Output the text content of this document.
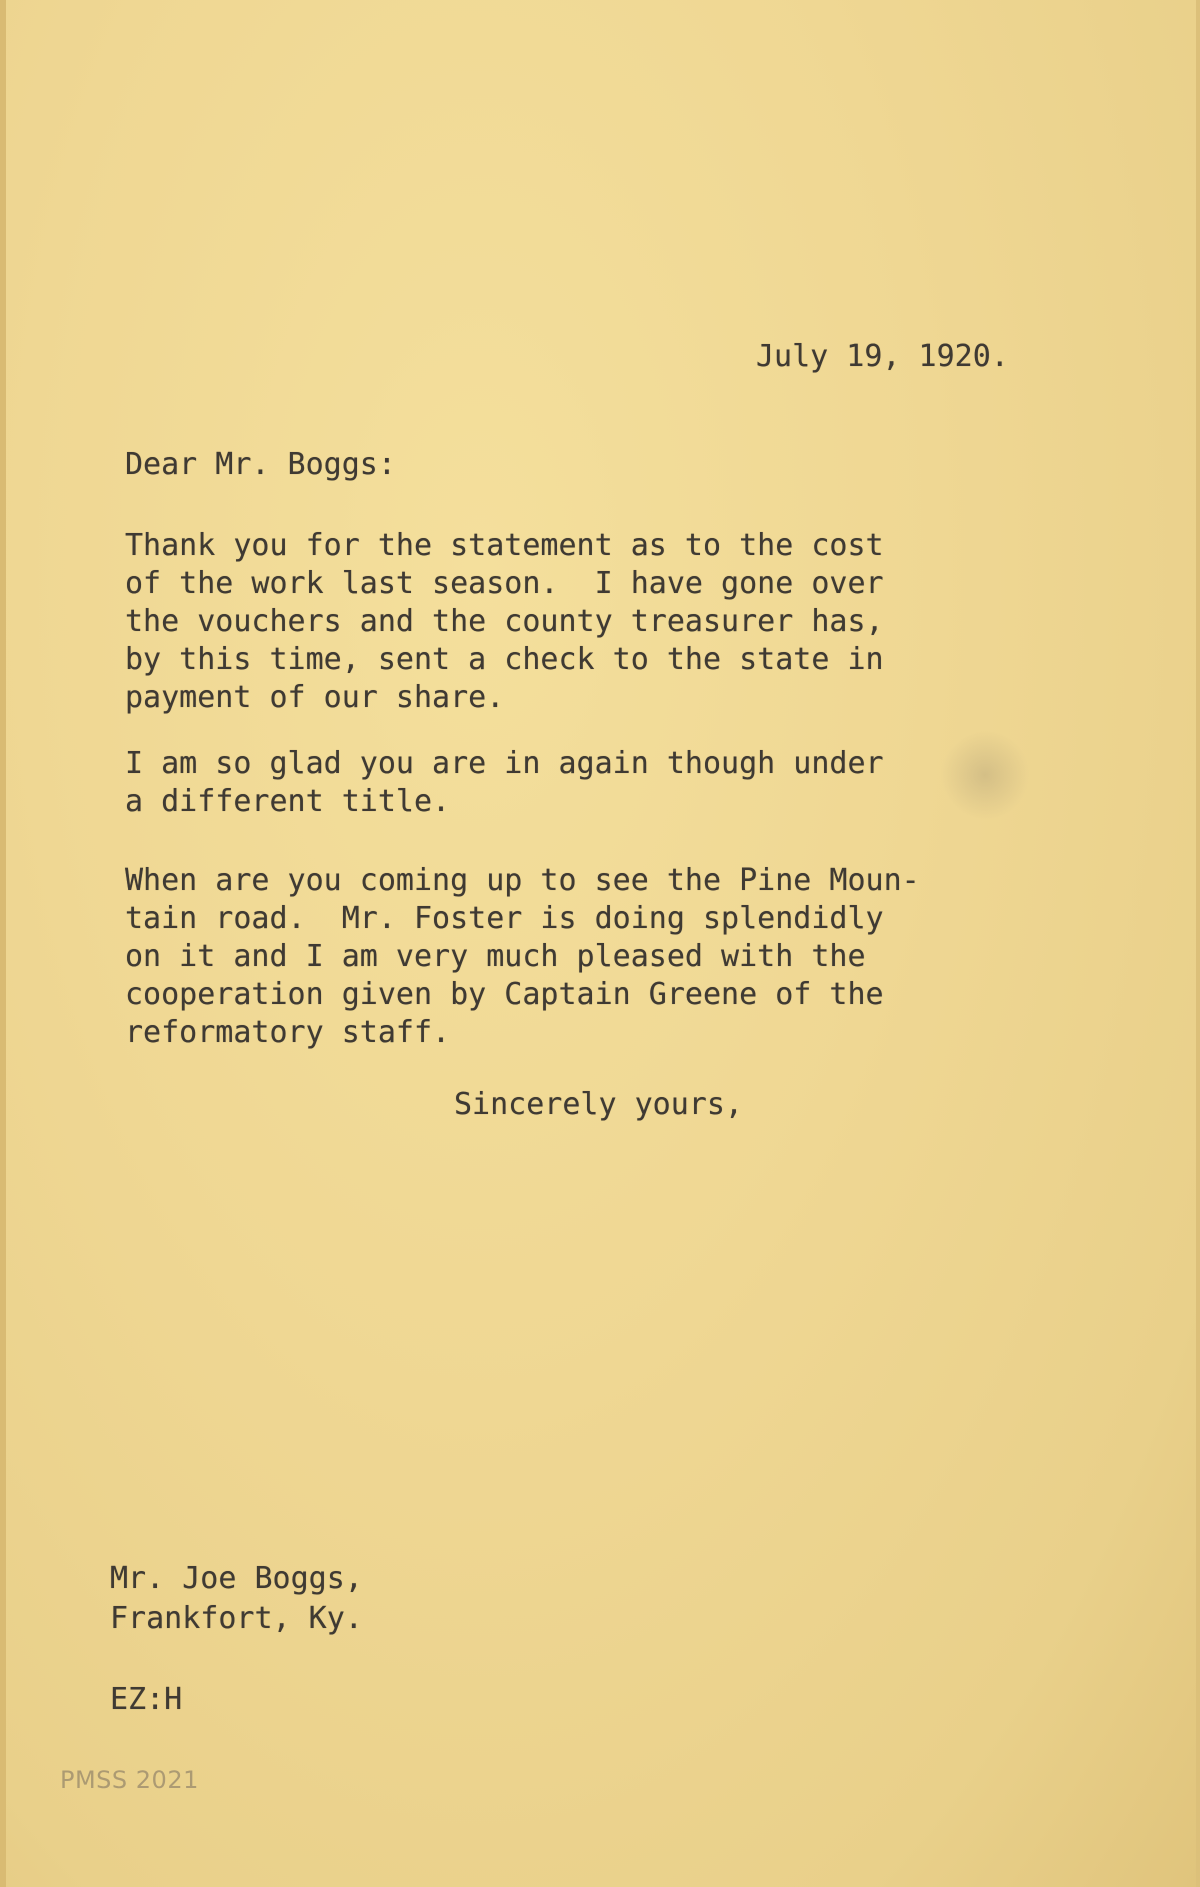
July 19, 1920.

Dear Mr. Boggs:

Thank you for the statement as to the cost
of the work last season.  I have gone over
the vouchers and the county treasurer has,
by this time, sent a check to the state in
payment of our share.

I am so glad you are in again though under
a different title.

When are you coming up to see the Pine Moun-
tain road.  Mr. Foster is doing splendidly
on it and I am very much pleased with the
cooperation given by Captain Greene of the
reformatory staff.

Sincerely yours,

Mr. Joe Boggs,

Frankfort, Ky.

EZ:H

PMSS 2021
